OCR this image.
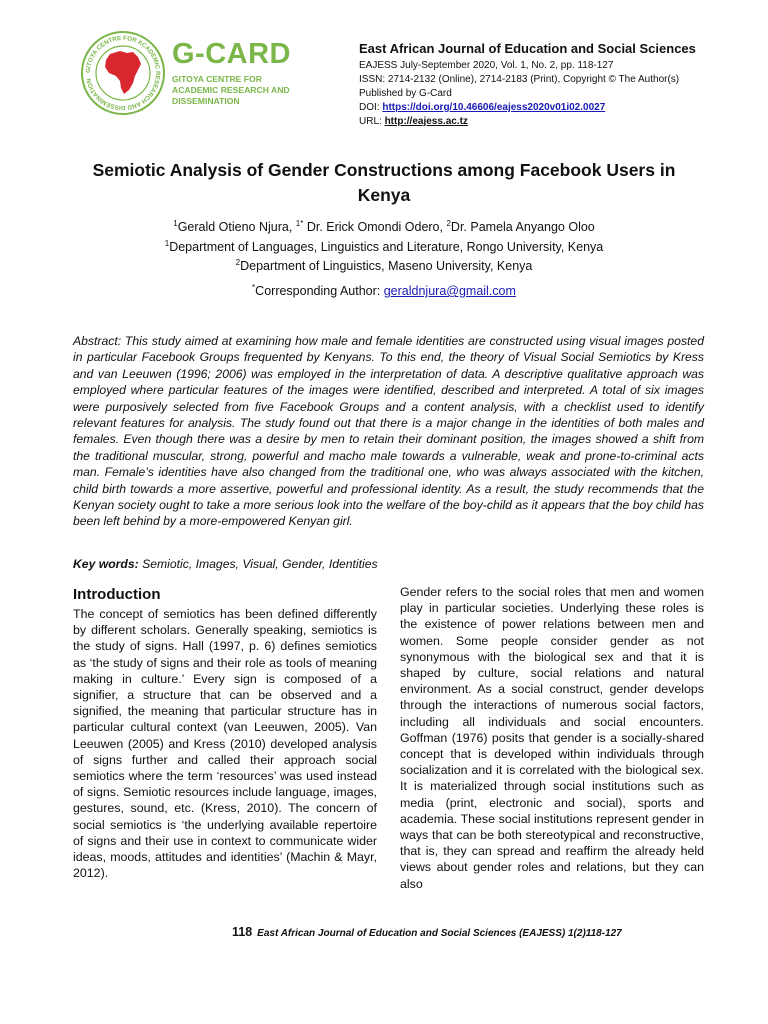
GITOYA CENTRE FOR ACADEMIC RESEARCH AND DISSEMINATION
G-CARD
GITOYA CENTRE FOR ACADEMIC RESEARCH AND DISSEMINATION
East African Journal of Education and Social Sciences
EAJESS July-September 2020, Vol. 1, No. 2, pp. 118-127
ISSN: 2714-2132 (Online), 2714-2183 (Print), Copyright © The Author(s)
Published by G-Card
DOI: https://doi.org/10.46606/eajess2020v01i02.0027
URL: http://eajess.ac.tz
Semiotic Analysis of Gender Constructions among Facebook Users in Kenya
$^1$Gerald Otieno Njura, $^{1*}$ Dr. Erick Omondi Odero, $^2$Dr. Pamela Anyango Oloo
$^1$Department of Languages, Linguistics and Literature, Rongo University, Kenya
$^2$Department of Linguistics, Maseno University, Kenya
*Corresponding Author: geraldnjura@gmail.com
Abstract: This study aimed at examining how male and female identities are constructed using visual images posted in particular Facebook Groups frequented by Kenyans. To this end, the theory of Visual Social Semiotics by Kress and van Leeuwen (1996; 2006) was employed in the interpretation of data. A descriptive qualitative approach was employed where particular features of the images were identified, described and interpreted. A total of six images were purposively selected from five Facebook Groups and a content analysis, with a checklist used to identify relevant features for analysis. The study found out that there is a major change in the identities of both males and females. Even though there was a desire by men to retain their dominant position, the images showed a shift from the traditional muscular, strong, powerful and macho male towards a vulnerable, weak and prone-to-criminal acts man. Female’s identities have also changed from the traditional one, who was always associated with the kitchen, child birth towards a more assertive, powerful and professional identity. As a result, the study recommends that the Kenyan society ought to take a more serious look into the welfare of the boy-child as it appears that the boy child has been left behind by a more-empowered Kenyan girl.
Key words: Semiotic, Images, Visual, Gender, Identities
Introduction

The concept of semiotics has been defined differently by different scholars. Generally speaking, semiotics is the study of signs. Hall (1997, p. 6) defines semiotics as ‘the study of signs and their role as tools of meaning making in culture.’ Every sign is composed of a signifier, a structure that can be observed and a signified, the meaning that particular structure has in particular cultural context (van Leeuwen, 2005). Van Leeuwen (2005) and Kress (2010) developed analysis of signs further and called their approach social semiotics where the term ‘resources’ was used instead of signs. Semiotic resources include language, images, gestures, sound, etc. (Kress, 2010). The concern of social semiotics is ‘the underlying available repertoire of signs and their use in context to communicate wider ideas, moods, attitudes and identities’ (Machin & Mayr, 2012).

Gender refers to the social roles that men and women play in particular societies. Underlying these roles is the existence of power relations between men and women. Some people consider gender as not synonymous with the biological sex and that it is shaped by culture, social relations and natural environment. As a social construct, gender develops through the interactions of numerous social factors, including all individuals and social encounters. Goffman (1976) posits that gender is a socially-shared concept that is developed within individuals through socialization and it is correlated with the biological sex. It is materialized through social institutions such as media (print, electronic and social), sports and academia. These social institutions represent gender in ways that can be both stereotypical and reconstructive, that is, they can spread and reaffirm the already held views about gender roles and relations, but they can also

118 East African Journal of Education and Social Sciences (EAJESS) 1(2)118-127
